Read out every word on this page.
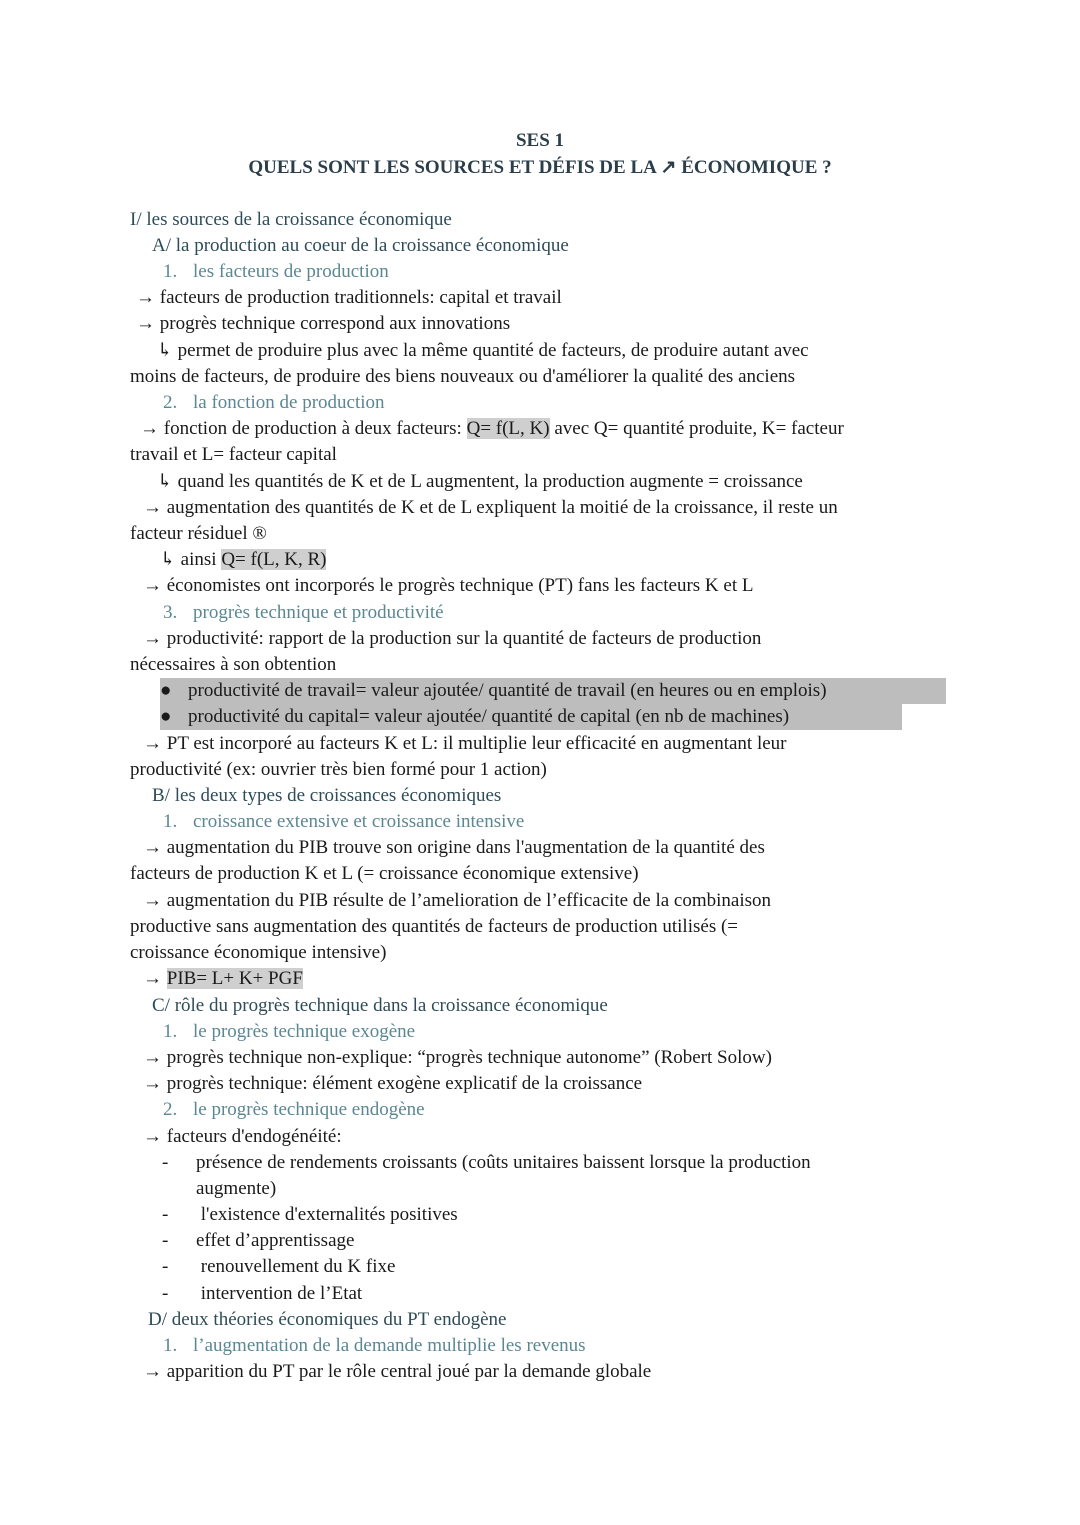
SES 1
QUELS SONT LES SOURCES ET DÉFIS DE LA ↗ ÉCONOMIQUE ?
I/ les sources de la croissance économique
A/ la production au coeur de la croissance économique
1. les facteurs de production
→ facteurs de production traditionnels: capital et travail
→ progrès technique correspond aux innovations
↳ permet de produire plus avec la même quantité de facteurs, de produire autant avec
moins de facteurs, de produire des biens nouveaux ou d'améliorer la qualité des anciens
2. la fonction de production
→ fonction de production à deux facteurs: Q= f(L, K) avec Q= quantité produite, K= facteur
travail et L= facteur capital
↳ quand les quantités de K et de L augmentent, la production augmente = croissance
→ augmentation des quantités de K et de L expliquent la moitié de la croissance, il reste un
facteur résiduel ®
↳ ainsi Q= f(L, K, R)
→ économistes ont incorporés le progrès technique (PT) fans les facteurs K et L
3. progrès technique et productivité
→ productivité: rapport de la production sur la quantité de facteurs de production
nécessaires à son obtention
● productivité de travail= valeur ajoutée/ quantité de travail (en heures ou en emplois)
● productivité du capital= valeur ajoutée/ quantité de capital (en nb de machines)
→ PT est incorporé au facteurs K et L: il multiplie leur efficacité en augmentant leur
productivité (ex: ouvrier très bien formé pour 1 action)
B/ les deux types de croissances économiques
1. croissance extensive et croissance intensive
→ augmentation du PIB trouve son origine dans l'augmentation de la quantité des
facteurs de production K et L (= croissance économique extensive)
→ augmentation du PIB résulte de l’amelioration de l’efficacite de la combinaison
productive sans augmentation des quantités de facteurs de production utilisés (=
croissance économique intensive)
→ PIB= L+ K+ PGF
C/ rôle du progrès technique dans la croissance économique
1. le progrès technique exogène
→ progrès technique non-explique: “progrès technique autonome” (Robert Solow)
→ progrès technique: élément exogène explicatif de la croissance
2. le progrès technique endogène
→ facteurs d'endogénéité:
- présence de rendements croissants (coûts unitaires baissent lorsque la production
augmente)
- l'existence d'externalités positives
- effet d’apprentissage
- renouvellement du K fixe
- intervention de l’Etat
D/ deux théories économiques du PT endogène
1. l’augmentation de la demande multiplie les revenus
→ apparition du PT par le rôle central joué par la demande globale
